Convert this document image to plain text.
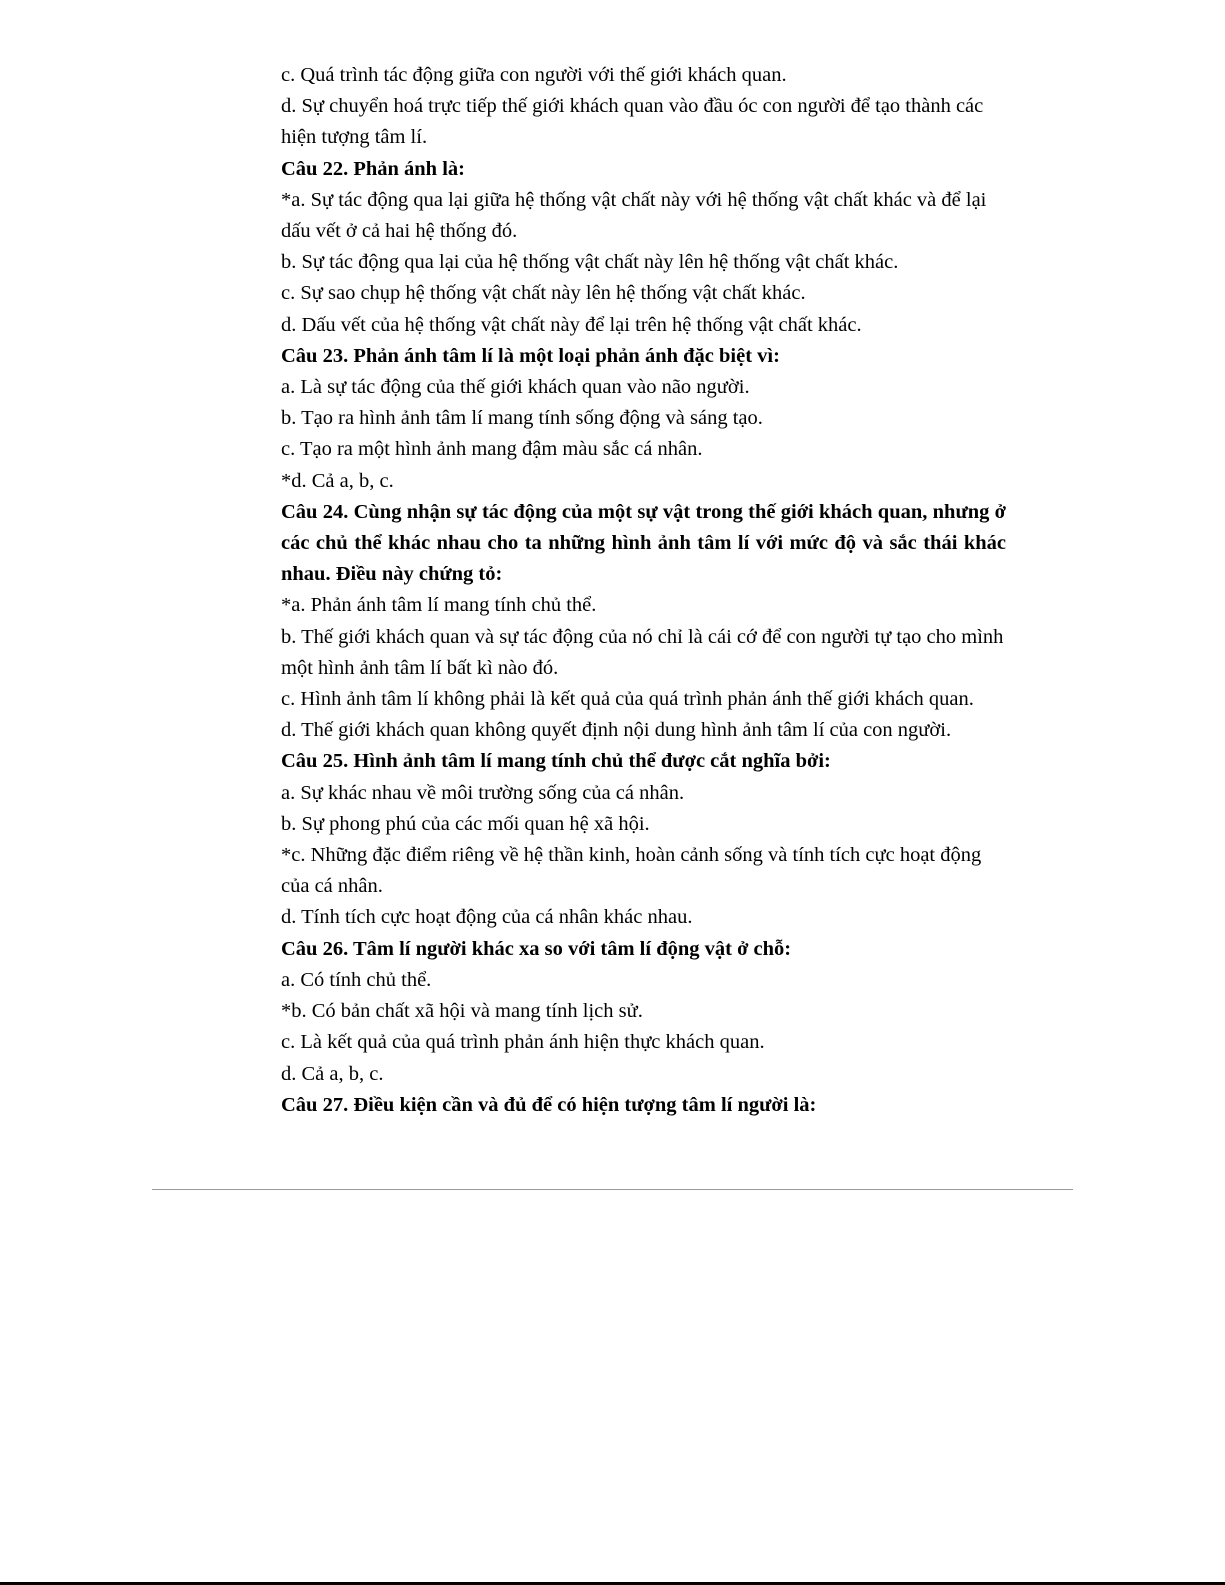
c. Quá trình tác động giữa con người với thế giới khách quan.
d. Sự chuyển hoá trực tiếp thế giới khách quan vào đầu óc con người để tạo thành các hiện tượng tâm lí.
Câu 22. Phản ánh là:
*a. Sự tác động qua lại giữa hệ thống vật chất này với hệ thống vật chất khác và để lại dấu vết ở cả hai hệ thống đó.
b. Sự tác động qua lại của hệ thống vật chất này lên hệ thống vật chất khác.
c. Sự sao chụp hệ thống vật chất này lên hệ thống vật chất khác.
d. Dấu vết của hệ thống vật chất này để lại trên hệ thống vật chất khác.
Câu 23. Phản ánh tâm lí là một loại phản ánh đặc biệt vì:
a. Là sự tác động của thế giới khách quan vào não người.
b. Tạo ra hình ảnh tâm lí mang tính sống động và sáng tạo.
c. Tạo ra một hình ảnh mang đậm màu sắc cá nhân.
*d. Cả a, b, c.
Câu 24. Cùng nhận sự tác động của một sự vật trong thế giới khách quan, nhưng ở các chủ thể khác nhau cho ta những hình ảnh tâm lí với mức độ và sắc thái khác nhau. Điều này chứng tỏ:
*a. Phản ánh tâm lí mang tính chủ thể.
b. Thế giới khách quan và sự tác động của nó chỉ là cái cớ để con người tự tạo cho mình một hình ảnh tâm lí bất kì nào đó.
c. Hình ảnh tâm lí không phải là kết quả của quá trình phản ánh thế giới khách quan.
d. Thế giới khách quan không quyết định nội dung hình ảnh tâm lí của con người.
Câu 25. Hình ảnh tâm lí mang tính chủ thể được cắt nghĩa bởi:
a. Sự khác nhau về môi trường sống của cá nhân.
b. Sự phong phú của các mối quan hệ xã hội.
*c. Những đặc điểm riêng về hệ thần kinh, hoàn cảnh sống và tính tích cực hoạt động của cá nhân.
d. Tính tích cực hoạt động của cá nhân khác nhau.
Câu 26. Tâm lí người khác xa so với tâm lí động vật ở chỗ:
a. Có tính chủ thể.
*b. Có bản chất xã hội và mang tính lịch sử.
c. Là kết quả của quá trình phản ánh hiện thực khách quan.
d. Cả a, b, c.
Câu 27. Điều kiện cần và đủ để có hiện tượng tâm lí người là:
